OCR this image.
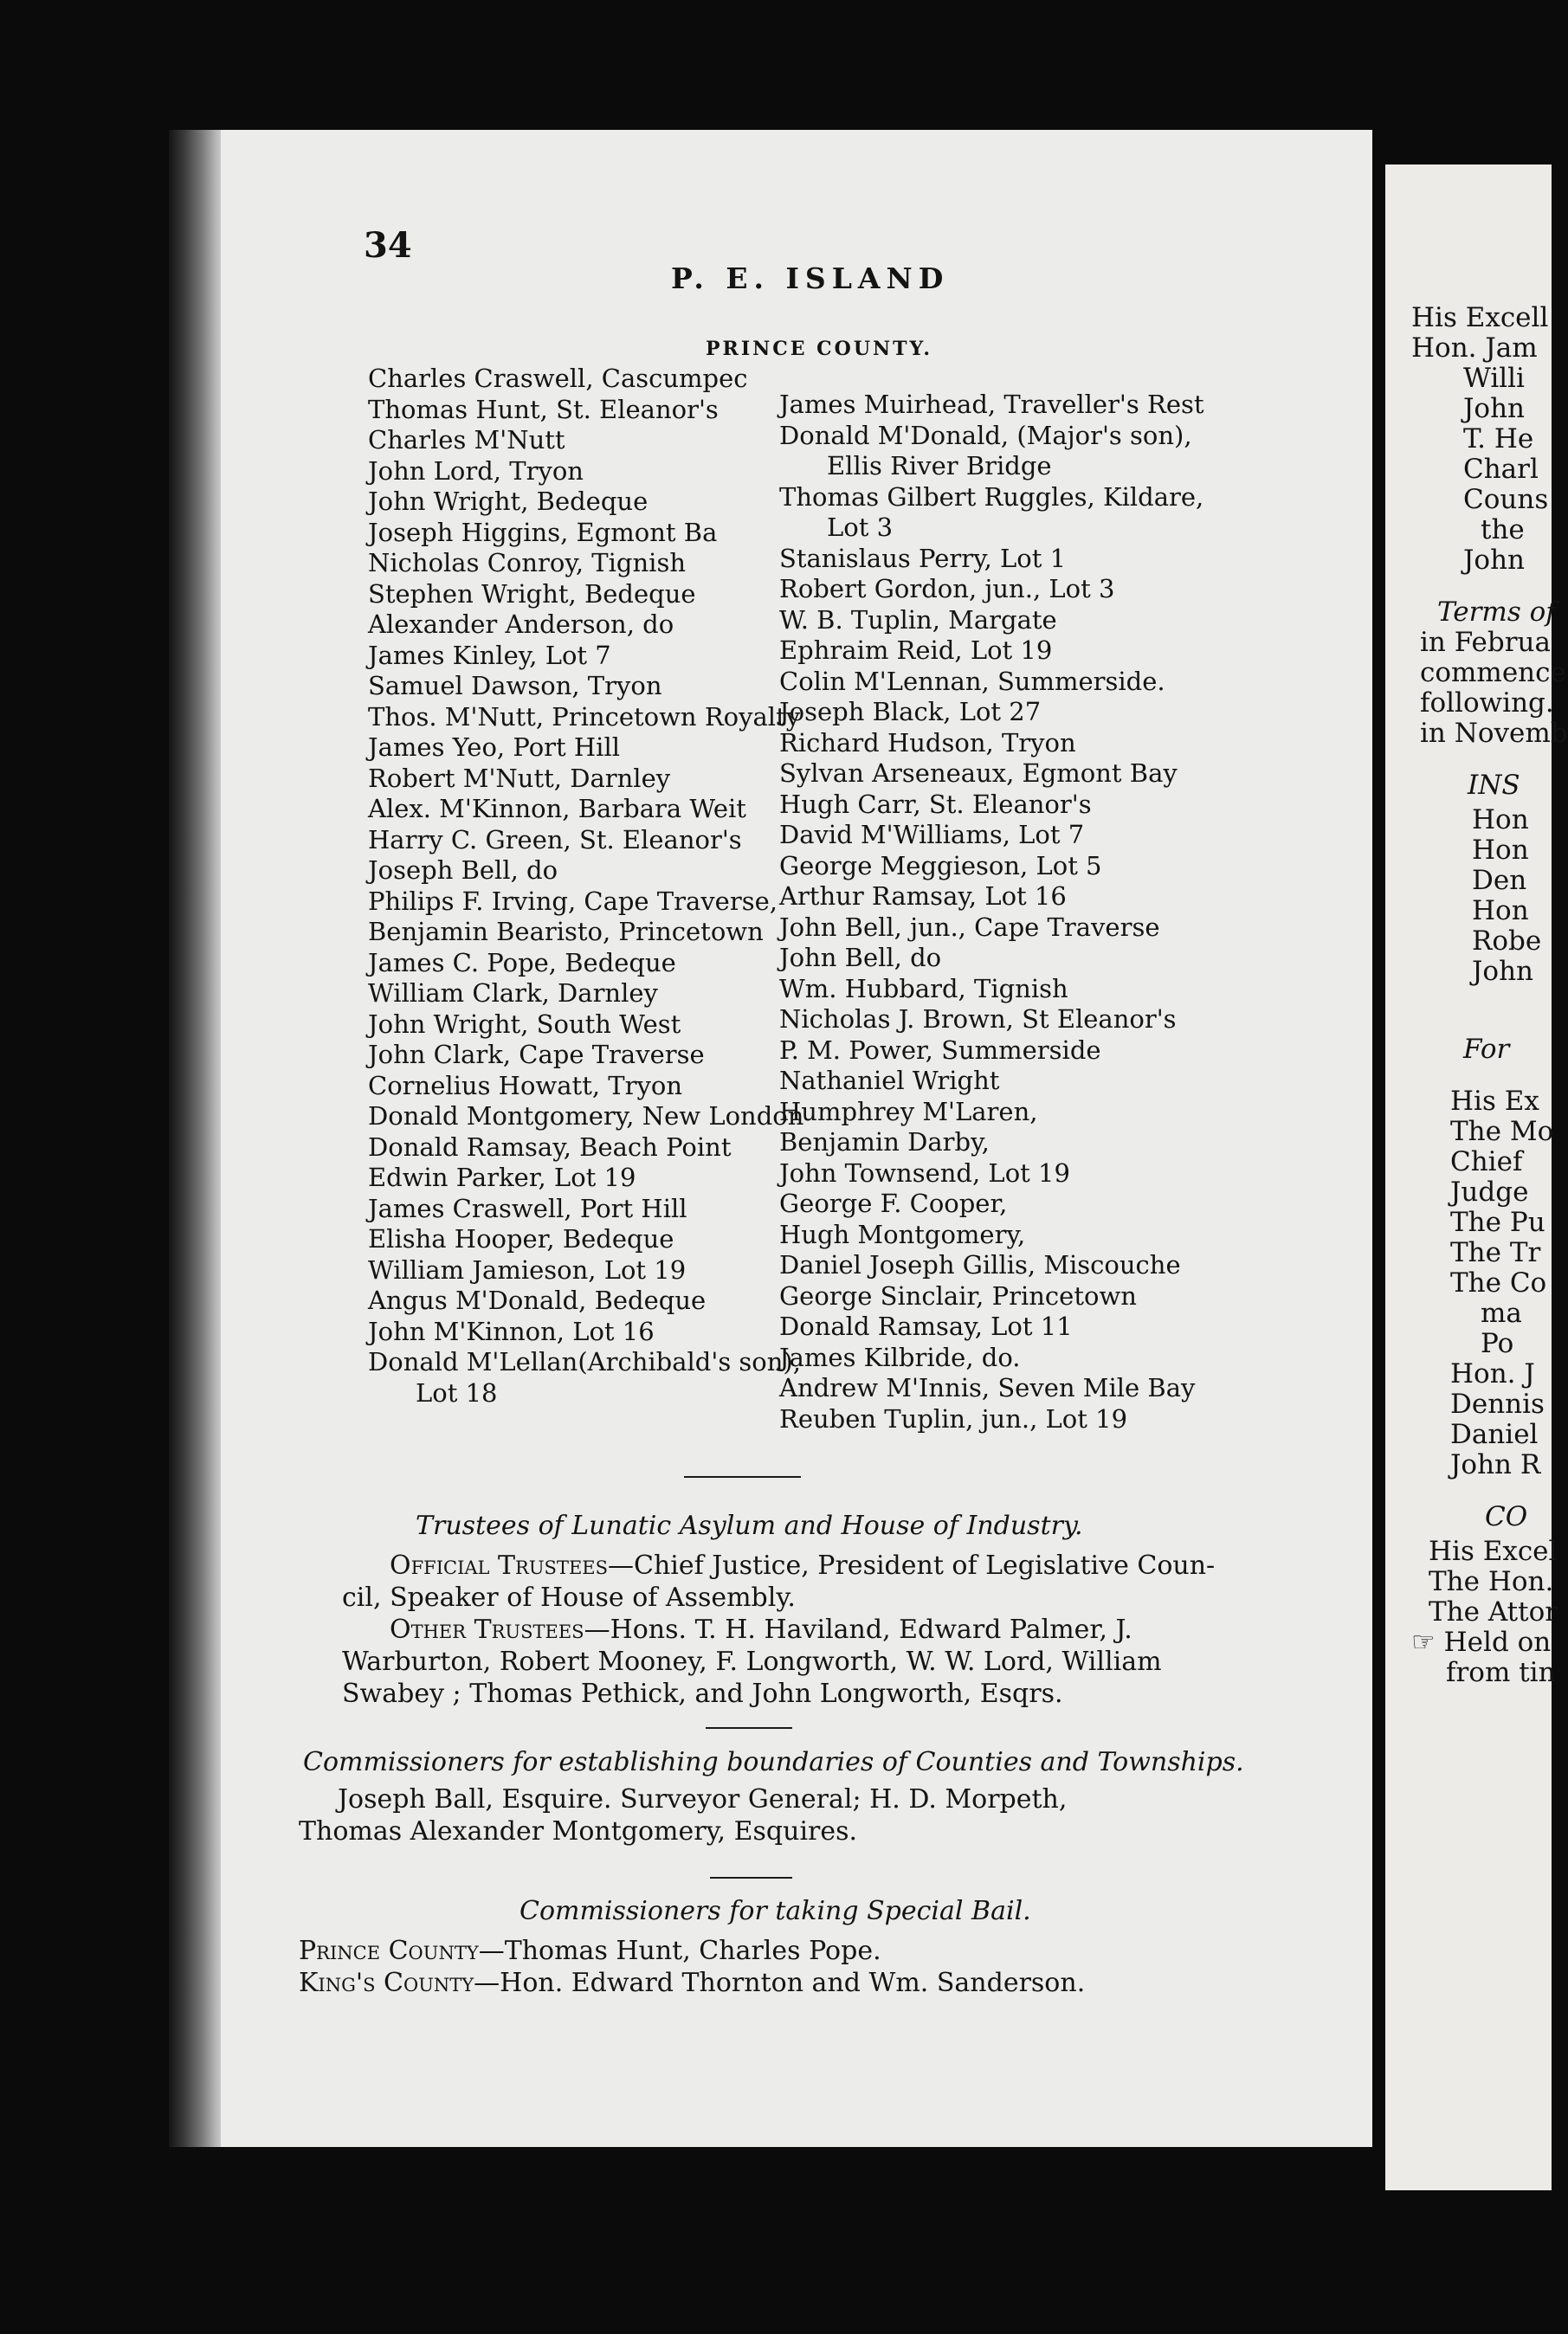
His Excell
Hon. Jam
Willi
John
T. He
Charl
Couns
the
John
Terms of
in Februa
commence
following.
in Novemb
INS
Hon
Hon
Den
Hon
Robe
John
For
His Ex
The Mo
Chief
Judge
The Pu
The Tr
The Co
ma
Po
Hon. J
Dennis
Daniel
John R
CO
His Excel
The Hon.
The Attor
☞ Held on
from tin
34
P. E. ISLAND
PRINCE COUNTY.
Charles Craswell, Cascumpec
Thomas Hunt, St. Eleanor's
Charles M'Nutt
John Lord, Tryon
John Wright, Bedeque
Joseph Higgins, Egmont Ba
Nicholas Conroy, Tignish
Stephen Wright, Bedeque
Alexander Anderson, do
James Kinley, Lot 7
Samuel Dawson, Tryon
Thos. M'Nutt, Princetown Royalty
James Yeo, Port Hill
Robert M'Nutt, Darnley
Alex. M'Kinnon, Barbara Weit
Harry C. Green, St. Eleanor's
Joseph Bell, do
Philips F. Irving, Cape Traverse,
Benjamin Bearisto, Princetown
James C. Pope, Bedeque
William Clark, Darnley
John Wright, South West
John Clark, Cape Traverse
Cornelius Howatt, Tryon
Donald Montgomery, New London
Donald Ramsay, Beach Point
Edwin Parker, Lot 19
James Craswell, Port Hill
Elisha Hooper, Bedeque
William Jamieson, Lot 19
Angus M'Donald, Bedeque
John M'Kinnon, Lot 16
Donald M'Lellan(Archibald's son),
Lot 18
James Muirhead, Traveller's Rest
Donald M'Donald, (Major's son),
Ellis River Bridge
Thomas Gilbert Ruggles, Kildare,
Lot 3
Stanislaus Perry, Lot 1
Robert Gordon, jun., Lot 3
W. B. Tuplin, Margate
Ephraim Reid, Lot 19
Colin M'Lennan, Summerside.
Joseph Black, Lot 27
Richard Hudson, Tryon
Sylvan Arseneaux, Egmont Bay
Hugh Carr, St. Eleanor's
David M'Williams, Lot 7
George Meggieson, Lot 5
Arthur Ramsay, Lot 16
John Bell, jun., Cape Traverse
John Bell, do
Wm. Hubbard, Tignish
Nicholas J. Brown, St Eleanor's
P. M. Power, Summerside
Nathaniel Wright
Humphrey M'Laren,
Benjamin Darby,
John Townsend, Lot 19
George F. Cooper,
Hugh Montgomery,
Daniel Joseph Gillis, Miscouche
George Sinclair, Princetown
Donald Ramsay, Lot 11
James Kilbride, do.
Andrew M'Innis, Seven Mile Bay
Reuben Tuplin, jun., Lot 19
Trustees of Lunatic Asylum and House of Industry.
Official Trustees—Chief Justice, President of Legislative Coun-
cil, Speaker of House of Assembly.
Other Trustees—Hons. T. H. Haviland, Edward Palmer, J.
Warburton, Robert Mooney, F. Longworth, W. W. Lord, William
Swabey ; Thomas Pethick, and John Longworth, Esqrs.
Commissioners for establishing boundaries of Counties and Townships.
Joseph Ball, Esquire. Surveyor General; H. D. Morpeth,
Thomas Alexander Montgomery, Esquires.
Commissioners for taking Special Bail.
Prince County—Thomas Hunt, Charles Pope.
King's County—Hon. Edward Thornton and Wm. Sanderson.
